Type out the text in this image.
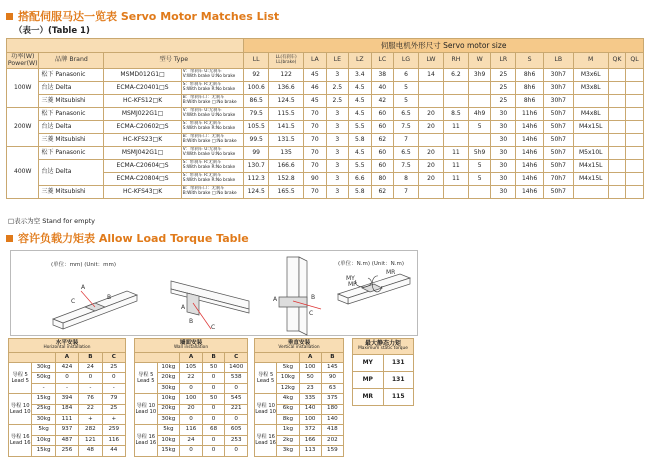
搭配伺服马达一览表 Servo Motor Matches List
（表一）(Table 1)
				伺服电机外形尺寸 Servo motor size															
功率(W)
Power(W)	品牌 Brand	型号 Type		LL	LL(有刹车)
LL(brake)	LA	LE	LZ	LC	LG	LW	RH	W	LR	S	LB	M	QK	QL
100W	松下 Panasonic	MSMD012G1□	V：带刹车 U:无刹车
V:With brake U:No brake	92	122	45	3	3.4	38	6	14	6.2	3h9	25	8h6	30h7	M3x6L		
	台达 Delta	ECMA-C20401□S	S：带刹车 R:无刹车
S:With brake R:No brake	100.6	136.6	46	2.5	4.5	40	5				25	8h6	30h7	M3x8L		
	三菱 Mitsubishi	HC-KFS12□K	B：带刹车口：无刹车
B:With brake □:No brake	86.5	124.5	45	2.5	4.5	42	5				25	8h6	30h7			
200W	松下 Panasonic	MSMJ022G1□	V：带刹车 U:无刹车
V:With brake U:No brake	79.5	115.5	70	3	4.5	60	6.5	20	8.5	4h9	30	11h6	50h7	M4x8L		
	台达 Delta	ECMA-C20602□S	S：带刹车 R:无刹车
S:With brake R:No brake	105.5	141.5	70	3	5.5	60	7.5	20	11	5	30	14h6	50h7	M4x15L		
	三菱 Mitsubishi	HC-KFS23□K	B：带刹车口：无刹车
B:With brake □:No brake	99.5	131.5	70	3	5.8	62	7				30	14h6	50h7			
400W	松下 Panasonic	MSMJ042G1□	V：带刹车 U:无刹车
V:With brake U:No brake	99	135	70	3	4.5	60	6.5	20	11	5h9	30	14h6	50h7	M5x10L		
	台达 Delta	ECMA-C20604□S	S：带刹车 R:无刹车
S:With brake R:No brake	130.7	166.6	70	3	5.5	60	7.5	20	11	5	30	14h6	50h7	M4x15L		
		ECMA-C20804□S	S：带刹车 R:无刹车
S:With brake R:No brake	112.3	152.8	90	3	6.6	80	8	20	11	5	30	14h6	70h7	M4x15L		
	三菱 Mitsubishi	HC-KFS43□K	B：带刹车口：无刹车
B:With brake □:No brake	124.5	165.5	70	3	5.8	62	7				30	14h6	50h7			
□表示为空 Stand for empty
容许负载力矩表 Allow Load Torque Table
(单位：mm) (Unit：mm)
A
B
C
A
B
C
A	B
C
(单位：N.m) (Unit：N.m)
MY
MP
MR
水平安装
Horizontal installation				

		A	B	C
导程 5
Lead 5	30kg	424	24	25
	50kg	0	0	0
	-	-	-	-
导程 10
Lead 10	15kg	394	76	79
	25kg	184	22	25
	30kg	111	+	+
导程 16
Lead 16	5kg	937	282	259
	10kg	487	121	116
	15kg	256	48	44
墙面安装
Wall installation				

		A	B	C
导程 5
Lead 5	10kg	105	50	1400
	20kg	22	0	538
	30kg	0	0	0
导程 10
Lead 10	10kg	100	50	545
	20kg	20	0	221
	30kg	0	0	0
导程 16
Lead 16	5kg	116	68	605
	10kg	24	0	253
	15kg	0	0	0
垂直安装
Vertical installation			

		A	B
导程 5
Lead 5	5kg	100	145
	10kg	50	90
	12kg	23	63
导程 10
Lead 10	4kg	335	375
	6kg	140	180
	8kg	100	140
导程 16
Lead 16	1kg	372	418
	2kg	166	202
	3kg	113	159
最大静态力矩
Maximum static torque	

MY	131
MP	131
MR	115
